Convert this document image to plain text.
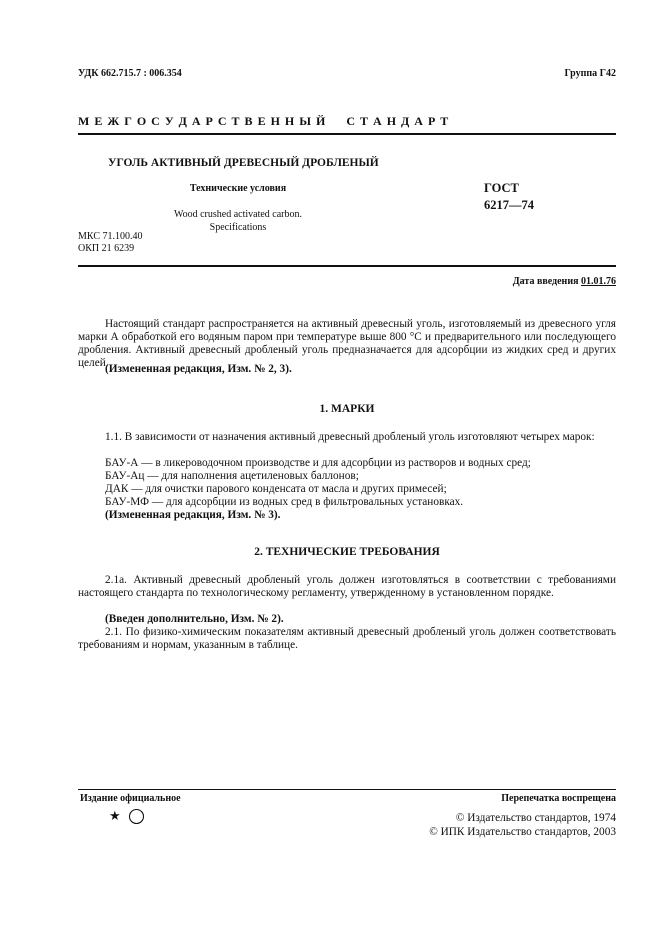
УДК 662.715.7 : 006.354	Группа Г42
М Е Ж Г О С У Д А Р С Т В Е Н Н Ы Й     С Т А Н Д А Р Т
УГОЛЬ АКТИВНЫЙ ДРЕВЕСНЫЙ ДРОБЛЕНЫЙ
Технические условия
Wood crushed activated carbon.
Specifications
ГОСТ
6217—74
МКС 71.100.40
ОКП 21 6239
Дата введения 01.01.76
Настоящий стандарт распространяется на активный древесный уголь, изготовляемый из древесного угля марки А обработкой его водяным паром при температуре выше 800 °С и предварительного или последующего дробления. Активный древесный дробленый уголь предназначается для адсорбции из жидких сред и других целей.
(Измененная редакция, Изм. № 2, 3).
1. МАРКИ
1.1. В зависимости от назначения активный древесный дробленый уголь изготовляют четырех марок:
БАУ-А — в ликероводочном производстве и для адсорбции из растворов и водных сред;
БАУ-Ац — для наполнения ацетиленовых баллонов;
ДАК — для очистки парового конденсата от масла и других примесей;
БАУ-МФ — для адсорбции из водных сред в фильтровальных установках.
(Измененная редакция, Изм. № 3).
2. ТЕХНИЧЕСКИЕ ТРЕБОВАНИЯ
2.1а. Активный древесный дробленый уголь должен изготовляться в соответствии с требованиями настоящего стандарта по технологическому регламенту, утвержденному в установленном порядке.
(Введен дополнительно, Изм. № 2).
2.1. По физико-химическим показателям активный древесный дробленый уголь должен соответствовать требованиям и нормам, указанным в таблице.
Издание официальное	Перепечатка воспрещена
★	© Издательство стандартов, 1974
© ИПК Издательство стандартов, 2003
